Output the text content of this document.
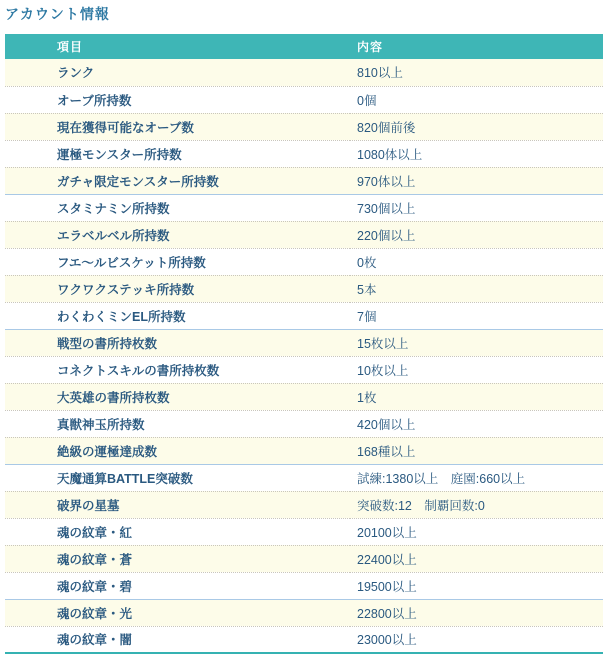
アカウント情報
項目	内容
ランク	810以上
オーブ所持数	0個
現在獲得可能なオーブ数	820個前後
運極モンスター所持数	1080体以上
ガチャ限定モンスター所持数	970体以上
スタミナミン所持数	730個以上
エラベルベル所持数	220個以上
フエ〜ルビスケット所持数	0枚
ワクワクステッキ所持数	5本
わくわくミンEL所持数	7個
戦型の書所持枚数	15枚以上
コネクトスキルの書所持枚数	10枚以上
大英雄の書所持枚数	1枚
真獣神玉所持数	420個以上
絶級の運極達成数	168種以上
天魔通算BATTLE突破数	試練:1380以上　庭園:660以上
破界の星墓	突破数:12　制覇回数:0
魂の紋章・紅	20100以上
魂の紋章・蒼	22400以上
魂の紋章・碧	19500以上
魂の紋章・光	22800以上
魂の紋章・闇	23000以上
